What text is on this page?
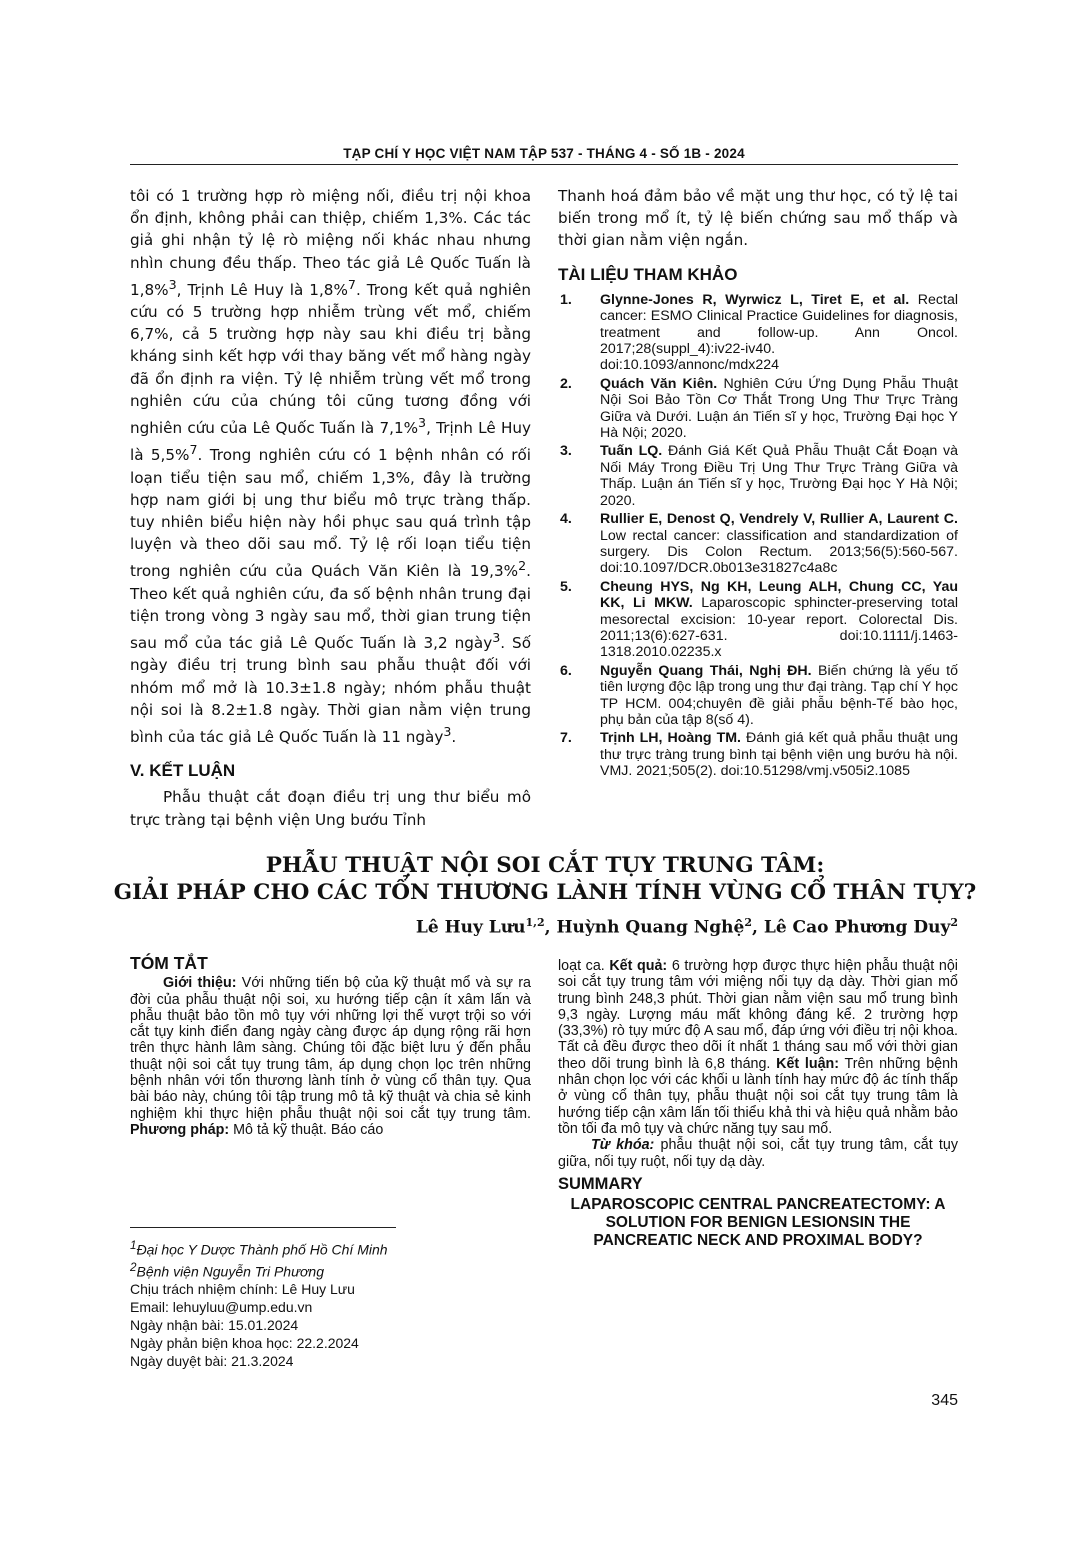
TẠP CHÍ Y HỌC VIỆT NAM TẬP 537 - THÁNG 4 - SỐ 1B - 2024

tôi có 1 trường hợp rò miệng nối, điều trị nội khoa ổn định, không phải can thiệp, chiếm 1,3%. Các tác giả ghi nhận tỷ lệ rò miệng nối khác nhau nhưng nhìn chung đều thấp. Theo tác giả Lê Quốc Tuấn là 1,8%$^3$, Trịnh Lê Huy là 1,8%$^7$. Trong kết quả nghiên cứu có 5 trường hợp nhiễm trùng vết mổ, chiếm 6,7%, cả 5 trường hợp này sau khi điều trị bằng kháng sinh kết hợp với thay băng vết mổ hàng ngày đã ổn định ra viện. Tỷ lệ nhiễm trùng vết mổ trong nghiên cứu của chúng tôi cũng tương đồng với nghiên cứu của Lê Quốc Tuấn là 7,1%$^3$, Trịnh Lê Huy là 5,5%$^7$. Trong nghiên cứu có 1 bệnh nhân có rối loạn tiểu tiện sau mổ, chiếm 1,3%, đây là trường hợp nam giới bị ung thư biểu mô trực tràng thấp. tuy nhiên biểu hiện này hồi phục sau quá trình tập luyện và theo dõi sau mổ. Tỷ lệ rối loạn tiểu tiện trong nghiên cứu của Quách Văn Kiên là 19,3%$^2$. Theo kết quả nghiên cứu, đa số bệnh nhân trung đại tiện trong vòng 3 ngày sau mổ, thời gian trung tiện sau mổ của tác giả Lê Quốc Tuấn là 3,2 ngày$^3$. Số ngày điều trị trung bình sau phẫu thuật đối với nhóm mổ mở là 10.3±1.8 ngày; nhóm phẫu thuật nội soi là 8.2±1.8 ngày. Thời gian nằm viện trung bình của tác giả Lê Quốc Tuấn là 11 ngày$^3$.

V. KẾT LUẬN

Phẫu thuật cắt đoạn điều trị ung thư biểu mô trực tràng tại bệnh viện Ung bướu Tỉnh

Thanh hoá đảm bảo về mặt ung thư học, có tỷ lệ tai biến trong mổ ít, tỷ lệ biến chứng sau mổ thấp và thời gian nằm viện ngắn.

TÀI LIỆU THAM KHẢO
1. Glynne-Jones R, Wyrwicz L, Tiret E, et al. Rectal cancer: ESMO Clinical Practice Guidelines for diagnosis, treatment and follow-up. Ann Oncol. 2017;28(suppl_4):iv22-iv40. doi:10.1093/annonc/mdx224
2. Quách Văn Kiên. Nghiên Cứu Ứng Dụng Phẫu Thuật Nội Soi Bảo Tồn Cơ Thắt Trong Ung Thư Trực Tràng Giữa và Dưới. Luận án Tiến sĩ y học, Trường Đại học Y Hà Nội; 2020.
3. Tuấn LQ. Đánh Giá Kết Quả Phẫu Thuật Cắt Đoạn và Nối Máy Trong Điều Trị Ung Thư Trực Tràng Giữa và Thấp. Luận án Tiến sĩ y học, Trường Đại học Y Hà Nội; 2020.
4. Rullier E, Denost Q, Vendrely V, Rullier A, Laurent C. Low rectal cancer: classification and standardization of surgery. Dis Colon Rectum. 2013;56(5):560-567. doi:10.1097/DCR.0b013e31827c4a8c
5. Cheung HYS, Ng KH, Leung ALH, Chung CC, Yau KK, Li MKW. Laparoscopic sphincter-preserving total mesorectal excision: 10-year report. Colorectal Dis. 2011;13(6):627-631. doi:10.1111/j.1463-1318.2010.02235.x
6. Nguyễn Quang Thái, Nghị ĐH. Biến chứng là yếu tố tiên lượng độc lập trong ung thư đại tràng. Tạp chí Y học TP HCM. 004;chuyên đề giải phẫu bệnh-Tế bào học, phụ bản của tập 8(số 4).
7. Trịnh LH, Hoàng TM. Đánh giá kết quả phẫu thuật ung thư trực tràng trung bình tại bệnh viện ung bướu hà nội. VMJ. 2021;505(2). doi:10.51298/vmj.v505i2.1085
PHẪU THUẬT NỘI SOI CẮT TỤY TRUNG TÂM:
GIẢI PHÁP CHO CÁC TỔN THƯƠNG LÀNH TÍNH VÙNG CỔ THÂN TỤY?
Lê Huy Lưu$^{1,2}$, Huỳnh Quang Nghệ$^2$, Lê Cao Phương Duy$^2$
TÓM TẮT

Giới thiệu: Với những tiến bộ của kỹ thuật mổ và sự ra đời của phẫu thuật nội soi, xu hướng tiếp cận ít xâm lấn và phẫu thuật bảo tồn mô tụy với những lợi thế vượt trội so với cắt tụy kinh điển đang ngày càng được áp dụng rộng rãi hơn trên thực hành lâm sàng. Chúng tôi đặc biệt lưu ý đến phẫu thuật nội soi cắt tụy trung tâm, áp dụng chọn lọc trên những bệnh nhân với tổn thương lành tính ở vùng cổ thân tụy. Qua bài báo này, chúng tôi tập trung mô tả kỹ thuật và chia sẻ kinh nghiệm khi thực hiện phẫu thuật nội soi cắt tụy trung tâm. Phương pháp: Mô tả kỹ thuật. Báo cáo

$^1$Đại học Y Dược Thành phố Hồ Chí Minh
$^2$Bệnh viện Nguyễn Tri Phương
Chịu trách nhiệm chính: Lê Huy Lưu
Email: lehuyluu@ump.edu.vn
Ngày nhận bài: 15.01.2024
Ngày phản biện khoa học: 22.2.2024
Ngày duyệt bài: 21.3.2024

loạt ca. Kết quả: 6 trường hợp được thực hiện phẫu thuật nội soi cắt tụy trung tâm với miệng nối tụy dạ dày. Thời gian mổ trung bình 248,3 phút. Thời gian nằm viện sau mổ trung bình 9,3 ngày. Lượng máu mất không đáng kể. 2 trường hợp (33,3%) rò tụy mức độ A sau mổ, đáp ứng với điều trị nội khoa. Tất cả đều được theo dõi ít nhất 1 tháng sau mổ với thời gian theo dõi trung bình là 6,8 tháng. Kết luận: Trên những bệnh nhân chọn lọc với các khối u lành tính hay mức độ ác tính thấp ở vùng cổ thân tụy, phẫu thuật nội soi cắt tụy trung tâm là hướng tiếp cận xâm lấn tối thiểu khả thi và hiệu quả nhằm bảo tồn tối đa mô tụy và chức năng tụy sau mổ.

Từ khóa: phẫu thuật nội soi, cắt tụy trung tâm, cắt tụy giữa, nối tụy ruột, nối tụy dạ dày.

SUMMARY
LAPAROSCOPIC CENTRAL PANCREATECTOMY: A SOLUTION FOR BENIGN LESIONSIN THE PANCREATIC NECK AND PROXIMAL BODY?
345
